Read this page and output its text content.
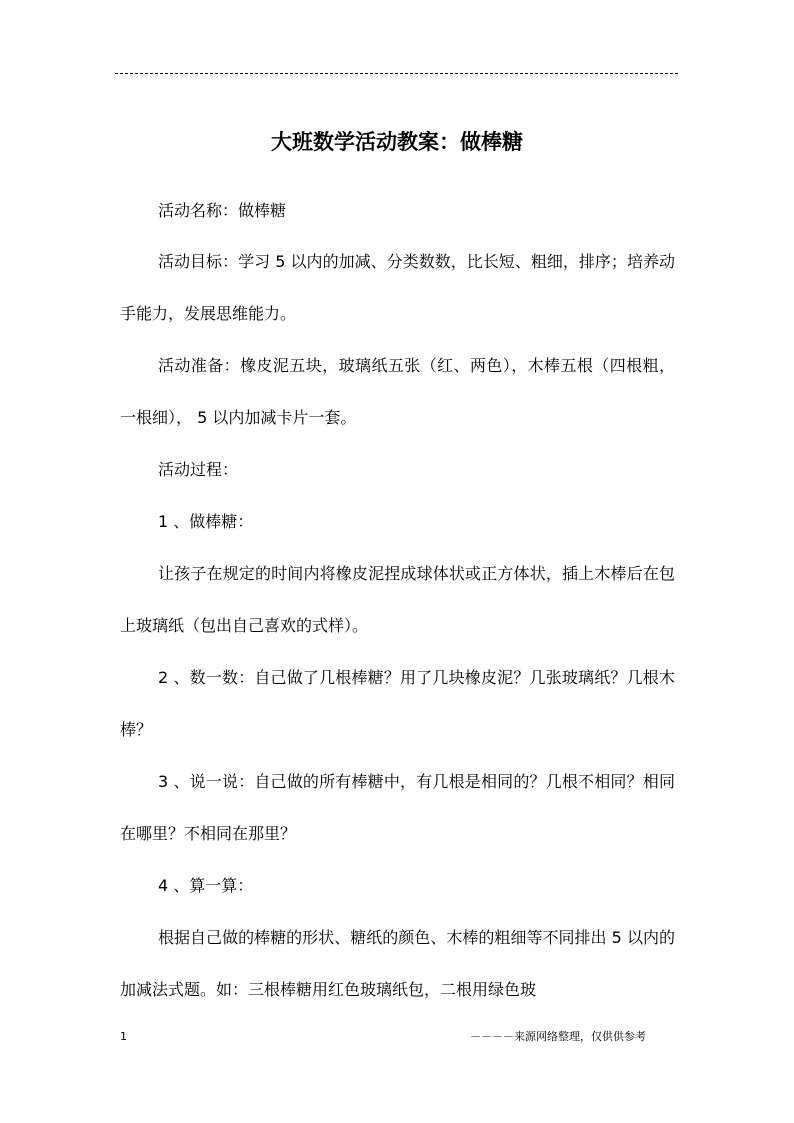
大班数学活动教案：做棒糖
活动名称：做棒糖
活动目标：学习 5 以内的加减、分类数数，比长短、粗细，排序；培养动手能力，发展思维能力。
活动准备：橡皮泥五块，玻璃纸五张（红、两色），木棒五根（四根粗，一根细）， 5 以内加减卡片一套。
活动过程：
1 、做棒糖：
让孩子在规定的时间内将橡皮泥捏成球体状或正方体状，插上木棒后在包上玻璃纸（包出自己喜欢的式样）。
2 、数一数：自己做了几根棒糖？用了几块橡皮泥？几张玻璃纸？几根木棒？
3 、说一说：自己做的所有棒糖中，有几根是相同的？几根不相同？相同在哪里？不相同在那里？
4 、算一算：
根据自己做的棒糖的形状、糖纸的颜色、木棒的粗细等不同排出 5 以内的加减法式题。如：三根棒糖用红色玻璃纸包，二根用绿色玻
1	－－－－来源网络整理，仅供供参考
